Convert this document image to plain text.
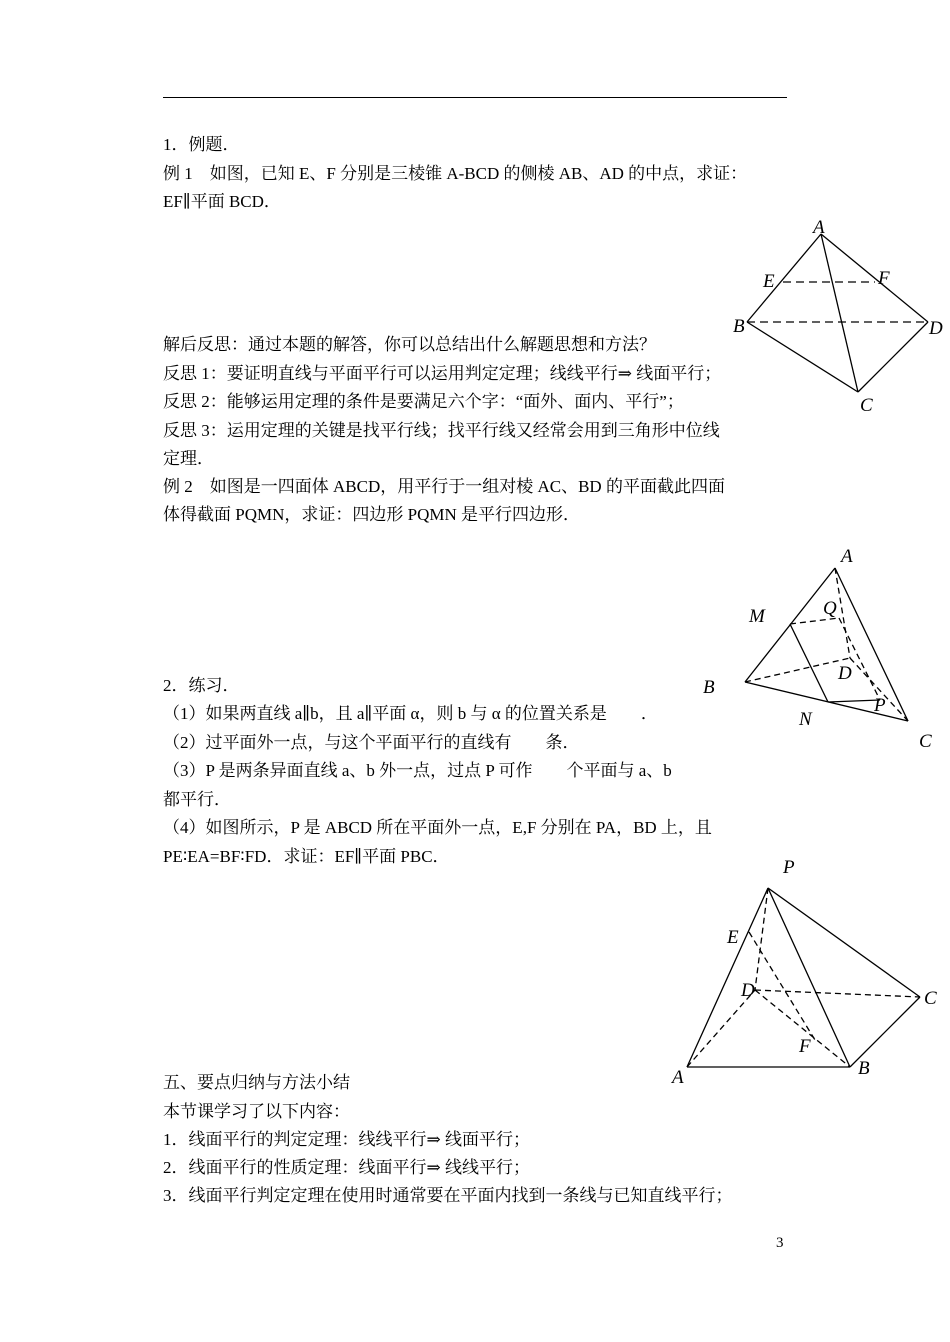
1．例题．
例 1　如图，已知 E、F 分别是三棱锥 A-BCD 的侧棱 AB、AD 的中点，求证：
EF∥平面 BCD．
A
E	F
B	D
C
解后反思：通过本题的解答，你可以总结出什么解题思想和方法？
反思 1：要证明直线与平面平行可以运用判定定理；线线平行⇒ 线面平行；
反思 2：能够运用定理的条件是要满足六个字：“面外、面内、平行”；
反思 3：运用定理的关键是找平行线；找平行线又经常会用到三角形中位线
定理．
例 2　如图是一四面体 ABCD，用平行于一组对棱 AC、BD 的平面截此四面
体得截面 PQMN，求证：四边形 PQMN 是平行四边形．
A
M	Q
D
B
P
N
C
2．练习．
（1）如果两直线 a∥b，且 a∥平面 α，则 b 与 α 的位置关系是　　．
（2）过平面外一点，与这个平面平行的直线有　　条．
（3）P 是两条异面直线 a、b 外一点，过点 P 可作　　个平面与 a、b
都平行．
（4）如图所示，P 是 ABCD 所在平面外一点，E,F 分别在 PA，BD 上，且
PE∶EA=BF∶FD．求证：EF∥平面 PBC．
P
E
D	C
F
A	B
五、要点归纳与方法小结
本节课学习了以下内容：
1．线面平行的判定定理：线线平行⇒ 线面平行；
2．线面平行的性质定理：线面平行⇒ 线线平行；
3．线面平行判定定理在使用时通常要在平面内找到一条线与已知直线平行；
3
